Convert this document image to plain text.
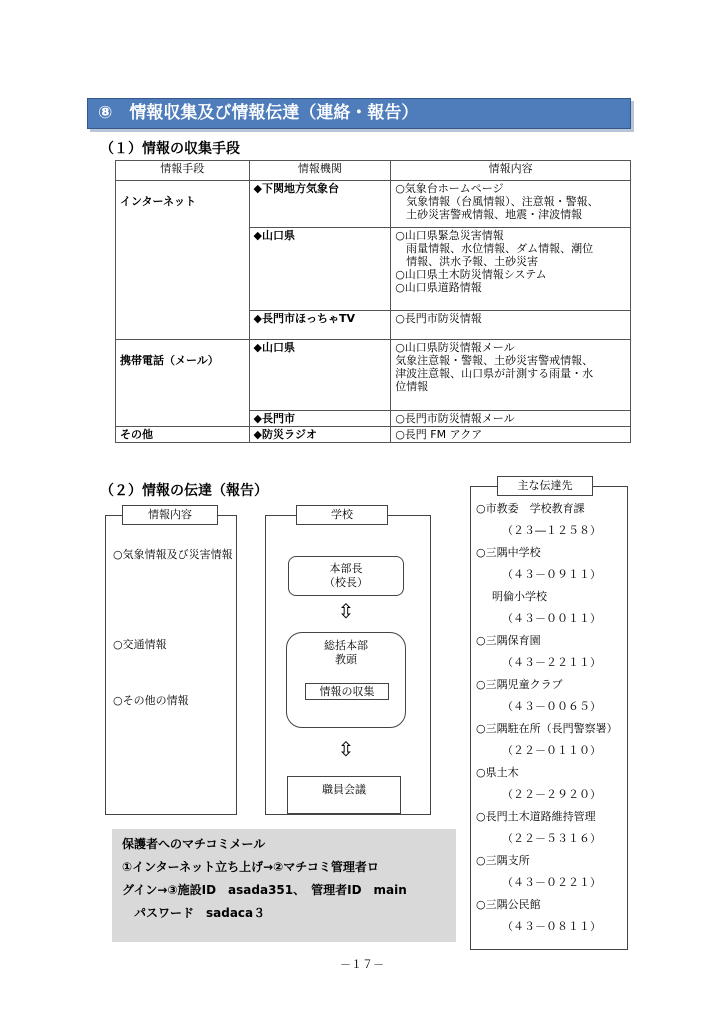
⑧　情報収集及び情報伝達（連絡・報告）
（１）情報の収集手段
情報手段	情報機関	情報内容
インターネット	◆下関地方気象台	○気象台ホームページ
　気象情報（台風情報）、注意報・警報、
　土砂災害警戒情報、地震・津波情報

	◆山口県	○山口県緊急災害情報
　雨量情報、水位情報、ダム情報、潮位
　情報、洪水予報、土砂災害
○山口県土木防災情報システム
○山口県道路情報

	◆長門市ほっちゃTV	○長門市防災情報

携帯電話（メール）	◆山口県	○山口県防災情報メール
気象注意報・警報、土砂災害警戒情報、
津波注意報、山口県が計測する雨量・水
位情報

	◆長門市	○長門市防災情報メール

その他	◆防災ラジオ	○長門 FM アクア
（２）情報の伝達（報告）
情報内容
○気象情報及び災害情報
○交通情報
○その他の情報
学校
本部長
（校長）
⇳
総括本部
教頭
情報の収集
⇳
職員会議
保護者へのマチコミメール
①インターネット立ち上げ→②マチコミ管理者ロ
グイン→③施設ID　asada351、　管理者ID　main
　パスワード　sadaca３
主な伝達先
○市教委　学校教育課
（２３―１２５８）
○三隅中学校
（４３－０９１１）
明倫小学校
（４３－００１１）
○三隅保育園
（４３－２２１１）
○三隅児童クラブ
（４３－００６５）
○三隅駐在所（長門警察署）
（２２－０１１０）
○県土木
（２２－２９２０）
○長門土木道路維持管理
（２２－５３１６）
○三隅支所
（４３－０２２１）
○三隅公民館
（４３－０８１１）
－１７－
